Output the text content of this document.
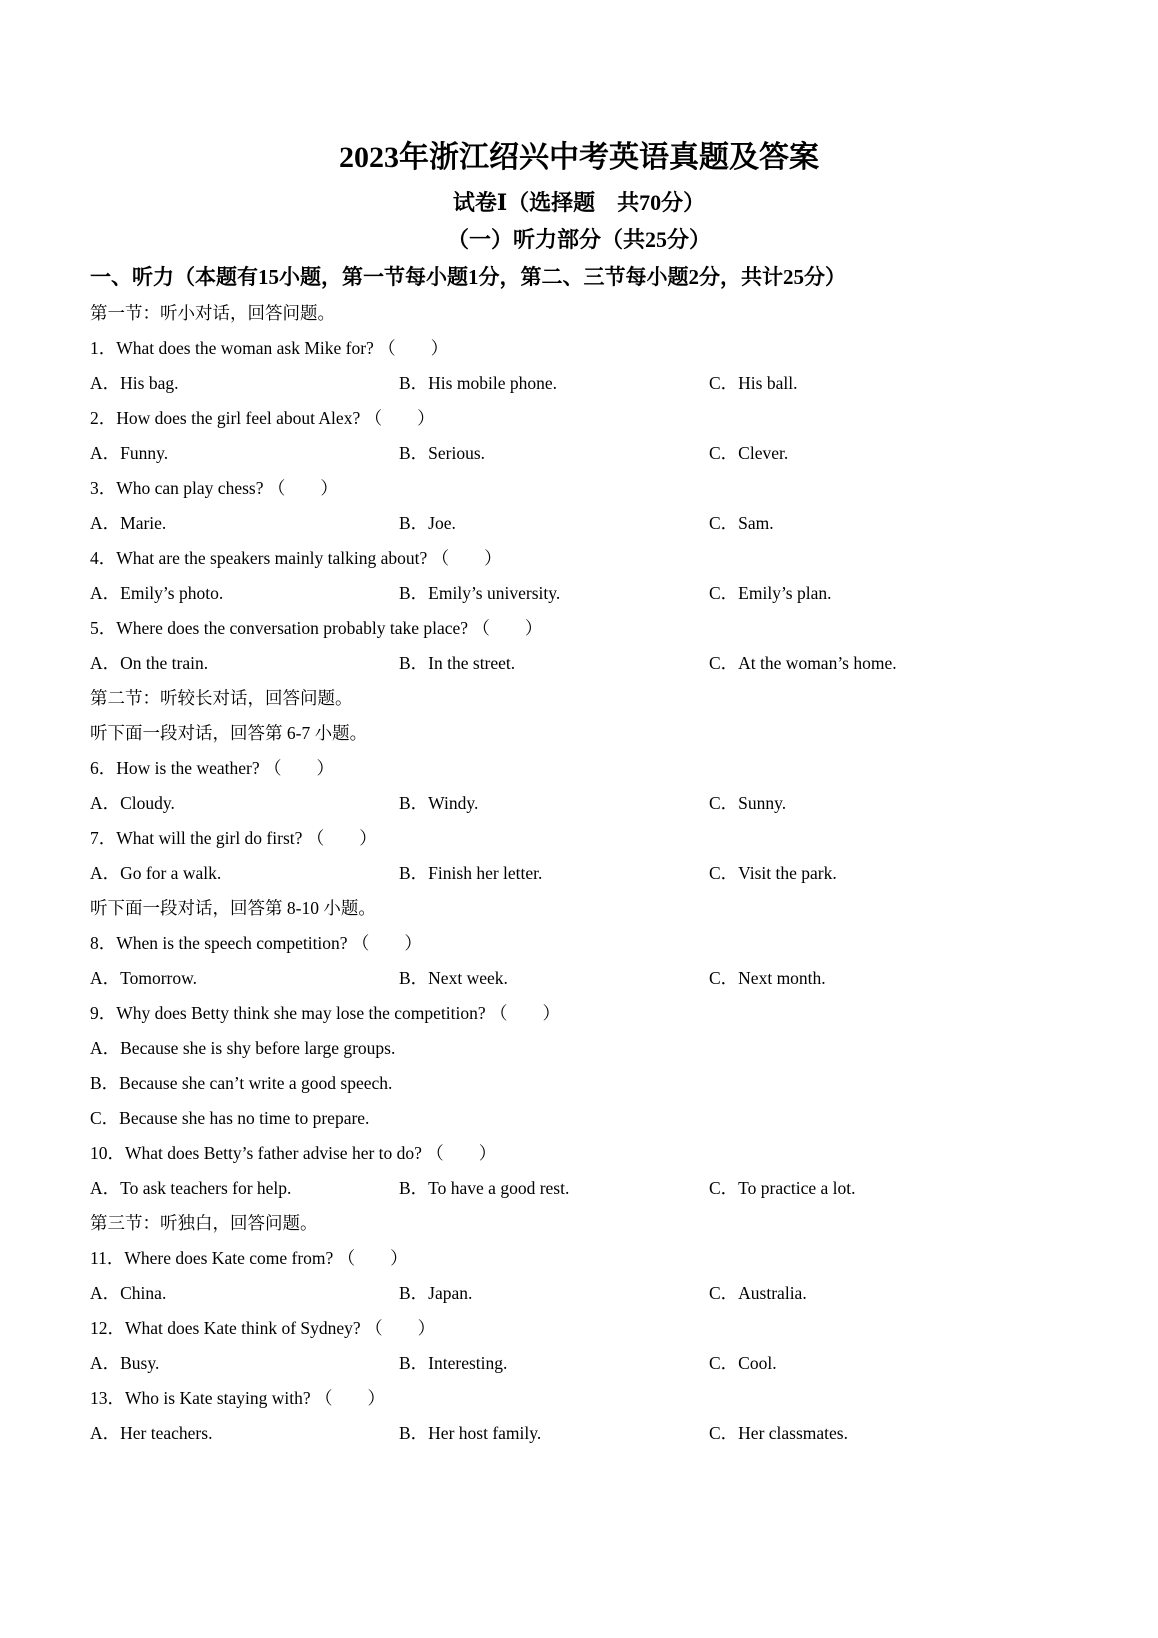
2023年浙江绍兴中考英语真题及答案
试卷Ⅰ（选择题　共70分）
（一）听力部分（共25分）
一、听力（本题有15小题，第一节每小题1分，第二、三节每小题2分，共计25分）
第一节：听小对话，回答问题。
1．What does the woman ask Mike for? （　　）
A．His bag.	B．His mobile phone.	C．His ball.
2．How does the girl feel about Alex? （　　）
A．Funny.	B．Serious.	C．Clever.
3．Who can play chess? （　　）
A．Marie.	B．Joe.	C．Sam.
4．What are the speakers mainly talking about? （　　）
A．Emily’s photo.	B．Emily’s university.	C．Emily’s plan.
5．Where does the conversation probably take place? （　　）
A．On the train.	B．In the street.	C．At the woman’s home.
第二节：听较长对话，回答问题。
听下面一段对话，回答第 6-7 小题。
6．How is the weather? （　　）
A．Cloudy.	B．Windy.	C．Sunny.
7．What will the girl do first? （　　）
A．Go for a walk.	B．Finish her letter.	C．Visit the park.
听下面一段对话，回答第 8-10 小题。
8．When is the speech competition? （　　）
A．Tomorrow.	B．Next week.	C．Next month.
9．Why does Betty think she may lose the competition? （　　）
A．Because she is shy before large groups.
B．Because she can’t write a good speech.
C．Because she has no time to prepare.
10．What does Betty’s father advise her to do? （　　）
A．To ask teachers for help.	B．To have a good rest.	C．To practice a lot.
第三节：听独白，回答问题。
11．Where does Kate come from? （　　）
A．China.	B．Japan.	C．Australia.
12．What does Kate think of Sydney? （　　）
A．Busy.	B．Interesting.	C．Cool.
13．Who is Kate staying with? （　　）
A．Her teachers.	B．Her host family.	C．Her classmates.
